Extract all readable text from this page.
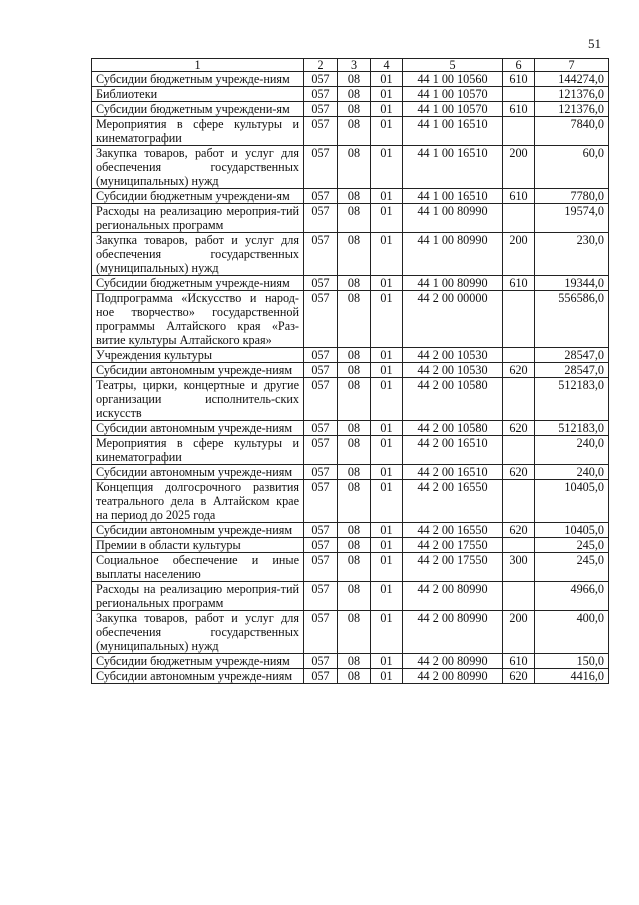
51
1	2	3	4	5	6	7
Субсидии бюджетным учрежде-ниям	057	08	01	44 1 00 10560	610	144274,0
Библиотеки	057	08	01	44 1 00 10570		121376,0
Субсидии бюджетным учреждени-ям	057	08	01	44 1 00 10570	610	121376,0
Мероприятия в сфере культуры и кинематографии	057	08	01	44 1 00 16510		7840,0
Закупка товаров, работ и услуг для обеспечения государственных (муниципальных) нужд	057	08	01	44 1 00 16510	200	60,0
Субсидии бюджетным учреждени-ям	057	08	01	44 1 00 16510	610	7780,0
Расходы на реализацию мероприя-тий региональных программ	057	08	01	44 1 00 80990		19574,0
Закупка товаров, работ и услуг для обеспечения государственных (муниципальных) нужд	057	08	01	44 1 00 80990	200	230,0
Субсидии бюджетным учрежде-ниям	057	08	01	44 1 00 80990	610	19344,0
Подпрограмма «Искусство и народ-ное творчество» государственной программы Алтайского края «Раз-витие культуры Алтайского края»	057	08	01	44 2 00 00000		556586,0
Учреждения культуры	057	08	01	44 2 00 10530		28547,0
Субсидии автономным учрежде-ниям	057	08	01	44 2 00 10530	620	28547,0
Театры, цирки, концертные и другие организации исполнитель-ских искусств	057	08	01	44 2 00 10580		512183,0
Субсидии автономным учрежде-ниям	057	08	01	44 2 00 10580	620	512183,0
Мероприятия в сфере культуры и кинематографии	057	08	01	44 2 00 16510		240,0
Субсидии автономным учрежде-ниям	057	08	01	44 2 00 16510	620	240,0
Концепция долгосрочного развития театрального дела в Алтайском крае на период до 2025 года	057	08	01	44 2 00 16550		10405,0
Субсидии автономным учрежде-ниям	057	08	01	44 2 00 16550	620	10405,0
Премии в области культуры	057	08	01	44 2 00 17550		245,0
Социальное обеспечение и иные выплаты населению	057	08	01	44 2 00 17550	300	245,0
Расходы на реализацию мероприя-тий региональных программ	057	08	01	44 2 00 80990		4966,0
Закупка товаров, работ и услуг для обеспечения государственных (муниципальных) нужд	057	08	01	44 2 00 80990	200	400,0
Субсидии бюджетным учрежде-ниям	057	08	01	44 2 00 80990	610	150,0
Субсидии автономным учрежде-ниям	057	08	01	44 2 00 80990	620	4416,0
